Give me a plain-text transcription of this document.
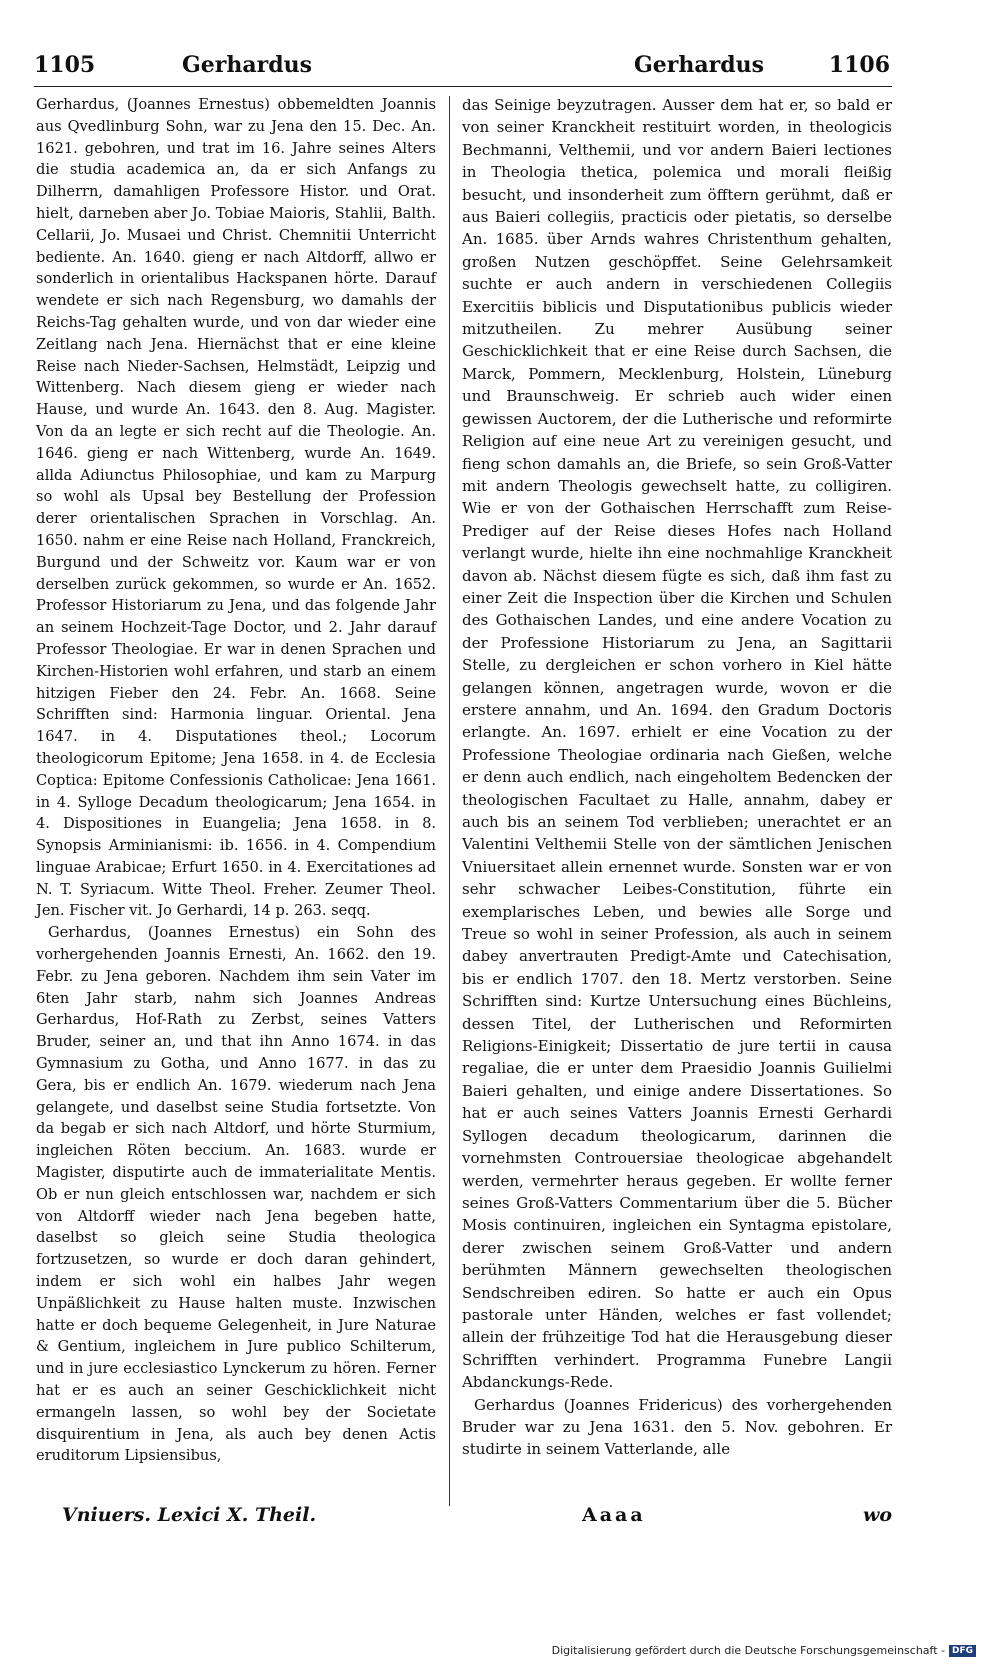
1105	Gerhardus	Gerhardus	1106

Gerhardus, (Joannes Ernestus) obbemeldten Joannis aus Qvedlinburg Sohn, war zu Jena den 15. Dec. An. 1621. gebohren, und trat im 16. Jahre seines Alters die studia academica an, da er sich Anfangs zu Dilherrn, damahligen Professore Histor. und Orat. hielt, darneben aber Jo. Tobiae Maioris, Stahlii, Balth. Cellarii, Jo. Musaei und Christ. Chemnitii Unterricht bediente. An. 1640. gieng er nach Altdorff, allwo er sonderlich in orientalibus Hackspanen hörte. Darauf wendete er sich nach Regensburg, wo damahls der Reichs-Tag gehalten wurde, und von dar wieder eine Zeitlang nach Jena. Hiernächst that er eine kleine Reise nach Nieder-Sachsen, Helmstädt, Leipzig und Wittenberg. Nach diesem gieng er wieder nach Hause, und wurde An. 1643. den 8. Aug. Magister. Von da an legte er sich recht auf die Theologie. An. 1646. gieng er nach Wittenberg, wurde An. 1649. allda Adiunctus Philosophiae, und kam zu Marpurg so wohl als Upsal bey Bestellung der Profession derer orientalischen Sprachen in Vorschlag. An. 1650. nahm er eine Reise nach Holland, Franckreich, Burgund und der Schweitz vor. Kaum war er von derselben zurück gekommen, so wurde er An. 1652. Professor Historiarum zu Jena, und das folgende Jahr an seinem Hochzeit-Tage Doctor, und 2. Jahr darauf Professor Theologiae. Er war in denen Sprachen und Kirchen-Historien wohl erfahren, und starb an einem hitzigen Fieber den 24. Febr. An. 1668. Seine Schrifften sind: Harmonia linguar. Oriental. Jena 1647. in 4. Disputationes theol.; Locorum theologicorum Epitome; Jena 1658. in 4. de Ecclesia Coptica: Epitome Confessionis Catholicae: Jena 1661. in 4. Sylloge Decadum theologicarum; Jena 1654. in 4. Dispositiones in Euangelia; Jena 1658. in 8. Synopsis Arminianismi: ib. 1656. in 4. Compendium linguae Arabicae; Erfurt 1650. in 4. Exercitationes ad N. T. Syriacum. Witte Theol. Freher. Zeumer Theol. Jen. Fischer vit. Jo Gerhardi, 14 p. 263. seqq.

Gerhardus, (Joannes Ernestus) ein Sohn des vorhergehenden Joannis Ernesti, An. 1662. den 19. Febr. zu Jena geboren. Nachdem ihm sein Vater im 6ten Jahr starb, nahm sich Joannes Andreas Gerhardus, Hof-Rath zu Zerbst, seines Vatters Bruder, seiner an, und that ihn Anno 1674. in das Gymnasium zu Gotha, und Anno 1677. in das zu Gera, bis er endlich An. 1679. wiederum nach Jena gelangete, und daselbst seine Studia fortsetzte. Von da begab er sich nach Altdorf, und hörte Sturmium, ingleichen Röten beccium. An. 1683. wurde er Magister, disputirte auch de immaterialitate Mentis. Ob er nun gleich entschlossen war, nachdem er sich von Altdorff wieder nach Jena begeben hatte, daselbst so gleich seine Studia theologica fortzusetzen, so wurde er doch daran gehindert, indem er sich wohl ein halbes Jahr wegen Unpäßlichkeit zu Hause halten muste. Inzwischen hatte er doch bequeme Gelegenheit, in Jure Naturae & Gentium, ingleichem in Jure publico Schilterum, und in jure ecclesiastico Lynckerum zu hören. Ferner hat er es auch an seiner Geschicklichkeit nicht ermangeln lassen, so wohl bey der Societate disquirentium in Jena, als auch bey denen Actis eruditorum Lipsiensibus,

das Seinige beyzutragen. Ausser dem hat er, so bald er von seiner Kranckheit restituirt worden, in theologicis Bechmanni, Velthemii, und vor andern Baieri lectiones in Theologia thetica, polemica und morali fleißig besucht, und insonderheit zum öfftern gerühmt, daß er aus Baieri collegiis, practicis oder pietatis, so derselbe An. 1685. über Arnds wahres Christenthum gehalten, großen Nutzen geschöpffet. Seine Gelehrsamkeit suchte er auch andern in verschiedenen Collegiis Exercitiis biblicis und Disputationibus publicis wieder mitzutheilen. Zu mehrer Ausübung seiner Geschicklichkeit that er eine Reise durch Sachsen, die Marck, Pommern, Mecklenburg, Holstein, Lüneburg und Braunschweig. Er schrieb auch wider einen gewissen Auctorem, der die Lutherische und reformirte Religion auf eine neue Art zu vereinigen gesucht, und fieng schon damahls an, die Briefe, so sein Groß-Vatter mit andern Theologis gewechselt hatte, zu colligiren. Wie er von der Gothaischen Herrschafft zum Reise-Prediger auf der Reise dieses Hofes nach Holland verlangt wurde, hielte ihn eine nochmahlige Kranckheit davon ab. Nächst diesem fügte es sich, daß ihm fast zu einer Zeit die Inspection über die Kirchen und Schulen des Gothaischen Landes, und eine andere Vocation zu der Professione Historiarum zu Jena, an Sagittarii Stelle, zu dergleichen er schon vorhero in Kiel hätte gelangen können, angetragen wurde, wovon er die erstere annahm, und An. 1694. den Gradum Doctoris erlangte. An. 1697. erhielt er eine Vocation zu der Professione Theologiae ordinaria nach Gießen, welche er denn auch endlich, nach eingeholtem Bedencken der theologischen Facultaet zu Halle, annahm, dabey er auch bis an seinem Tod verblieben; unerachtet er an Valentini Velthemii Stelle von der sämtlichen Jenischen Vniuersitaet allein ernennet wurde. Sonsten war er von sehr schwacher Leibes-Constitution, führte ein exemplarisches Leben, und bewies alle Sorge und Treue so wohl in seiner Profession, als auch in seinem dabey anvertrauten Predigt-Amte und Catechisation, bis er endlich 1707. den 18. Mertz verstorben. Seine Schrifften sind: Kurtze Untersuchung eines Büchleins, dessen Titel, der Lutherischen und Reformirten Religions-Einigkeit; Dissertatio de jure tertii in causa regaliae, die er unter dem Praesidio Joannis Guilielmi Baieri gehalten, und einige andere Dissertationes. So hat er auch seines Vatters Joannis Ernesti Gerhardi Syllogen decadum theologicarum, darinnen die vornehmsten Controuersiae theologicae abgehandelt werden, vermehrter heraus gegeben. Er wollte ferner seines Groß-Vatters Commentarium über die 5. Bücher Mosis continuiren, ingleichen ein Syntagma epistolare, derer zwischen seinem Groß-Vatter und andern berühmten Männern gewechselten theologischen Sendschreiben ediren. So hatte er auch ein Opus pastorale unter Händen, welches er fast vollendet; allein der frühzeitige Tod hat die Herausgebung dieser Schrifften verhindert. Programma Funebre Langii Abdanckungs-Rede.

Gerhardus (Joannes Fridericus) des vorhergehenden Bruder war zu Jena 1631. den 5. Nov. gebohren. Er studirte in seinem Vatterlande, alle

Vniuers. Lexici X. Theil.	Aaaa	wo
Digitalisierung gefördert durch die Deutsche Forschungsgemeinschaft - DFG
